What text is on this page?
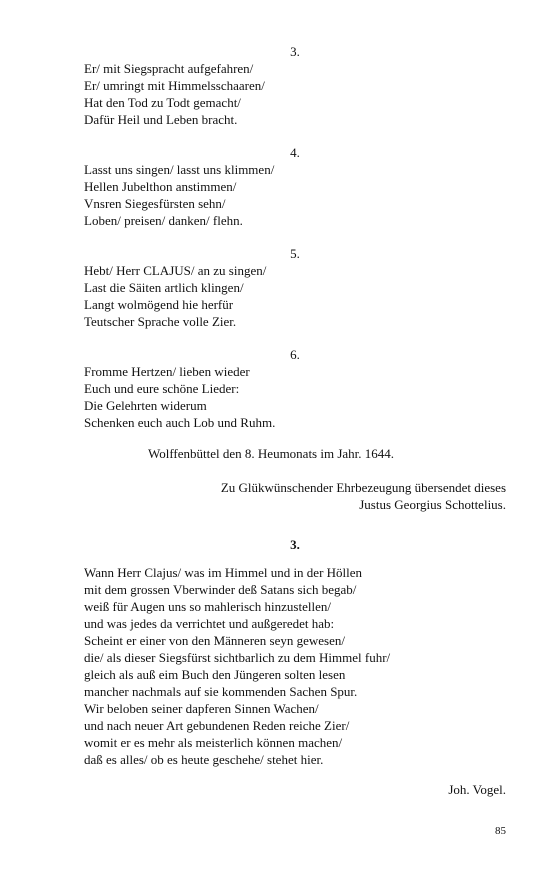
3.
Er/ mit Siegspracht aufgefahren/
Er/ umringt mit Himmelsschaaren/
Hat den Tod zu Todt gemacht/
Dafür Heil und Leben bracht.
4.
Lasst uns singen/ lasst uns klimmen/
Hellen Jubelthon anstimmen/
Vnsren Siegesfürsten sehn/
Loben/ preisen/ danken/ flehn.
5.
Hebt/ Herr CLAJUS/ an zu singen/
Last die Säiten artlich klingen/
Langt wolmögend hie herfür
Teutscher Sprache volle Zier.
6.
Fromme Hertzen/ lieben wieder
Euch und eure schöne Lieder:
Die Gelehrten widerum
Schenken euch auch Lob und Ruhm.
Wolffenbüttel den 8. Heumonats im Jahr. 1644.
Zu Glükwünschender Ehrbezeugung übersendet dieses
Justus Georgius Schottelius.
3.
Wann Herr Clajus/ was im Himmel und in der Höllen
mit dem grossen Vberwinder deß Satans sich begab/
weiß für Augen uns so mahlerisch hinzustellen/
und was jedes da verrichtet und außgeredet hab:
Scheint er einer von den Männeren seyn gewesen/
die/ als dieser Siegsfürst sichtbarlich zu dem Himmel fuhr/
gleich als auß eim Buch den Jüngeren solten lesen
mancher nachmals auf sie kommenden Sachen Spur.
Wir beloben seiner dapferen Sinnen Wachen/
und nach neuer Art gebundenen Reden reiche Zier/
womit er es mehr als meisterlich können machen/
daß es alles/ ob es heute geschehe/ stehet hier.
Joh. Vogel.
85
